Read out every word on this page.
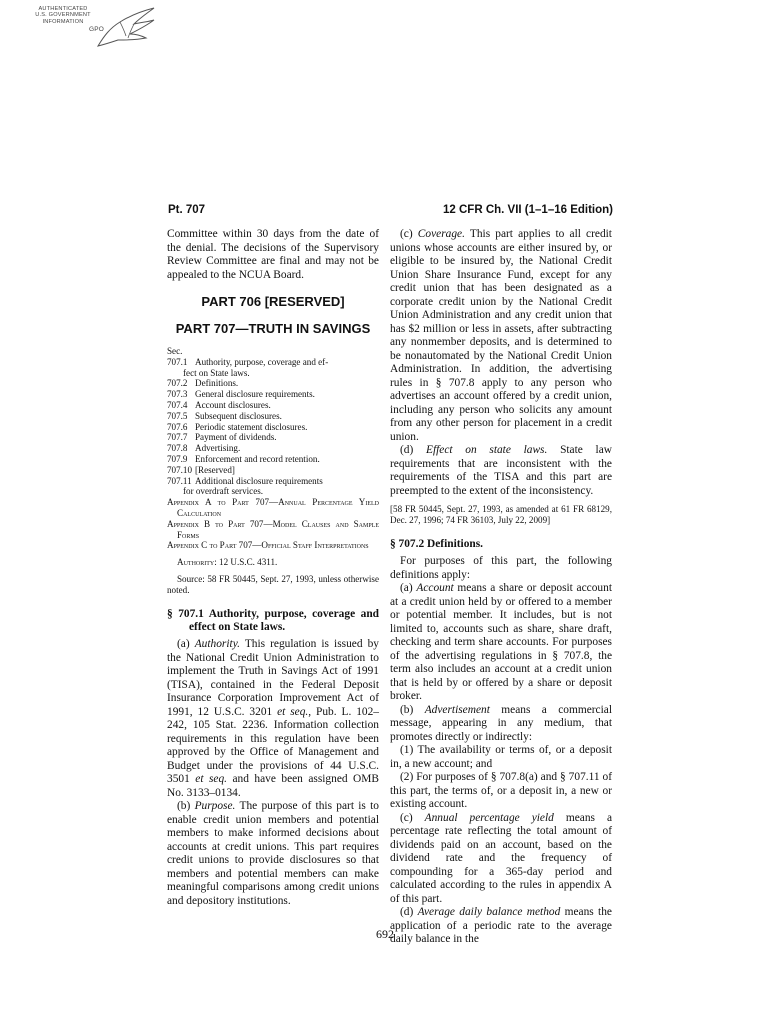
AUTHENTICATED
U.S. GOVERNMENT
INFORMATION
GPO
Pt. 707	12 CFR Ch. VII (1–1–16 Edition)

Committee within 30 days from the date of the denial. The decisions of the Supervisory Review Committee are final and may not be appealed to the NCUA Board.

PART 706 [RESERVED]
PART 707—TRUTH IN SAVINGS
Sec.
707.1 Authority, purpose, coverage and ef-
fect on State laws.
707.2 Definitions.
707.3 General disclosure requirements.
707.4 Account disclosures.
707.5 Subsequent disclosures.
707.6 Periodic statement disclosures.
707.7 Payment of dividends.
707.8 Advertising.
707.9 Enforcement and record retention.
707.10 [Reserved]
707.11 Additional disclosure requirements
for overdraft services.
Appendix A to Part 707—Annual Percentage Yield Calculation
Appendix B to Part 707—Model Clauses and Sample Forms
Appendix C to Part 707—Official Staff Interpretations
Authority: 12 U.S.C. 4311.
Source: 58 FR 50445, Sept. 27, 1993, unless otherwise noted.
§ 707.1 Authority, purpose, coverage and effect on State laws.

(a) Authority. This regulation is issued by the National Credit Union Administration to implement the Truth in Savings Act of 1991 (TISA), contained in the Federal Deposit Insurance Corporation Improvement Act of 1991, 12 U.S.C. 3201 et seq., Pub. L. 102–242, 105 Stat. 2236. Information collection requirements in this regulation have been approved by the Office of Management and Budget under the provisions of 44 U.S.C. 3501 et seq. and have been assigned OMB No. 3133–0134.

(b) Purpose. The purpose of this part is to enable credit union members and potential members to make informed decisions about accounts at credit unions. This part requires credit unions to provide disclosures so that members and potential members can make meaningful comparisons among credit unions and depository institutions.

(c) Coverage. This part applies to all credit unions whose accounts are either insured by, or eligible to be insured by, the National Credit Union Share Insurance Fund, except for any credit union that has been designated as a corporate credit union by the National Credit Union Administration and any credit union that has $2 million or less in assets, after subtracting any nonmember deposits, and is determined to be nonautomated by the National Credit Union Administration. In addition, the advertising rules in § 707.8 apply to any person who advertises an account offered by a credit union, including any person who solicits any amount from any other person for placement in a credit union.

(d) Effect on state laws. State law requirements that are inconsistent with the requirements of the TISA and this part are preempted to the extent of the inconsistency.

[58 FR 50445, Sept. 27, 1993, as amended at 61 FR 68129, Dec. 27, 1996; 74 FR 36103, July 22, 2009]
§ 707.2 Definitions.

For purposes of this part, the following definitions apply:

(a) Account means a share or deposit account at a credit union held by or offered to a member or potential member. It includes, but is not limited to, accounts such as share, share draft, checking and term share accounts. For purposes of the advertising regulations in § 707.8, the term also includes an account at a credit union that is held by or offered by a share or deposit broker.

(b) Advertisement means a commercial message, appearing in any medium, that promotes directly or indirectly:

(1) The availability or terms of, or a deposit in, a new account; and

(2) For purposes of § 707.8(a) and § 707.11 of this part, the terms of, or a deposit in, a new or existing account.

(c) Annual percentage yield means a percentage rate reflecting the total amount of dividends paid on an account, based on the dividend rate and the frequency of compounding for a 365-day period and calculated according to the rules in appendix A of this part.

(d) Average daily balance method means the application of a periodic rate to the average daily balance in the

692
